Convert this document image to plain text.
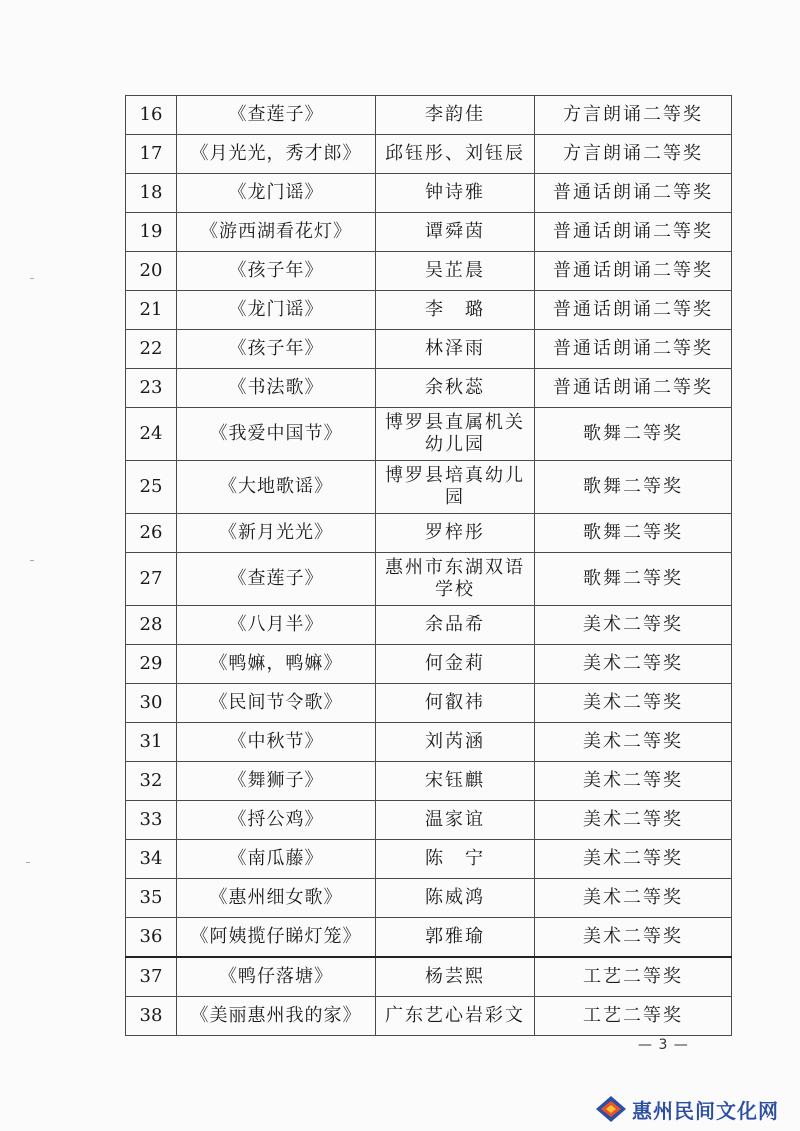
16	《查莲子》	李韵佳	方言朗诵二等奖
17	《月光光，秀才郎》	邱钰彤、刘钰辰	方言朗诵二等奖
18	《龙门谣》	钟诗雅	普通话朗诵二等奖
19	《游西湖看花灯》	谭舜茵	普通话朗诵二等奖
20	《孩子年》	吴芷晨	普通话朗诵二等奖
21	《龙门谣》	李　璐	普通话朗诵二等奖
22	《孩子年》	林泽雨	普通话朗诵二等奖
23	《书法歌》	余秋蕊	普通话朗诵二等奖
24	《我爱中国节》	博罗县直属机关幼儿园	歌舞二等奖
25	《大地歌谣》	博罗县培真幼儿园	歌舞二等奖
26	《新月光光》	罗梓彤	歌舞二等奖
27	《查莲子》	惠州市东湖双语学校	歌舞二等奖
28	《八月半》	余品希	美术二等奖
29	《鸭嫲，鸭嫲》	何金莉	美术二等奖
30	《民间节令歌》	何叡祎	美术二等奖
31	《中秋节》	刘芮涵	美术二等奖
32	《舞狮子》	宋钰麒	美术二等奖
33	《捋公鸡》	温家谊	美术二等奖
34	《南瓜藤》	陈　宁	美术二等奖
35	《惠州细女歌》	陈威鸿	美术二等奖
36	《阿姨揽仔睇灯笼》	郭雅瑜	美术二等奖
37	《鸭仔落塘》	杨芸熙	工艺二等奖
38	《美丽惠州我的家》	广东艺心岩彩文	工艺二等奖
— 3 —
惠州民间文化网
